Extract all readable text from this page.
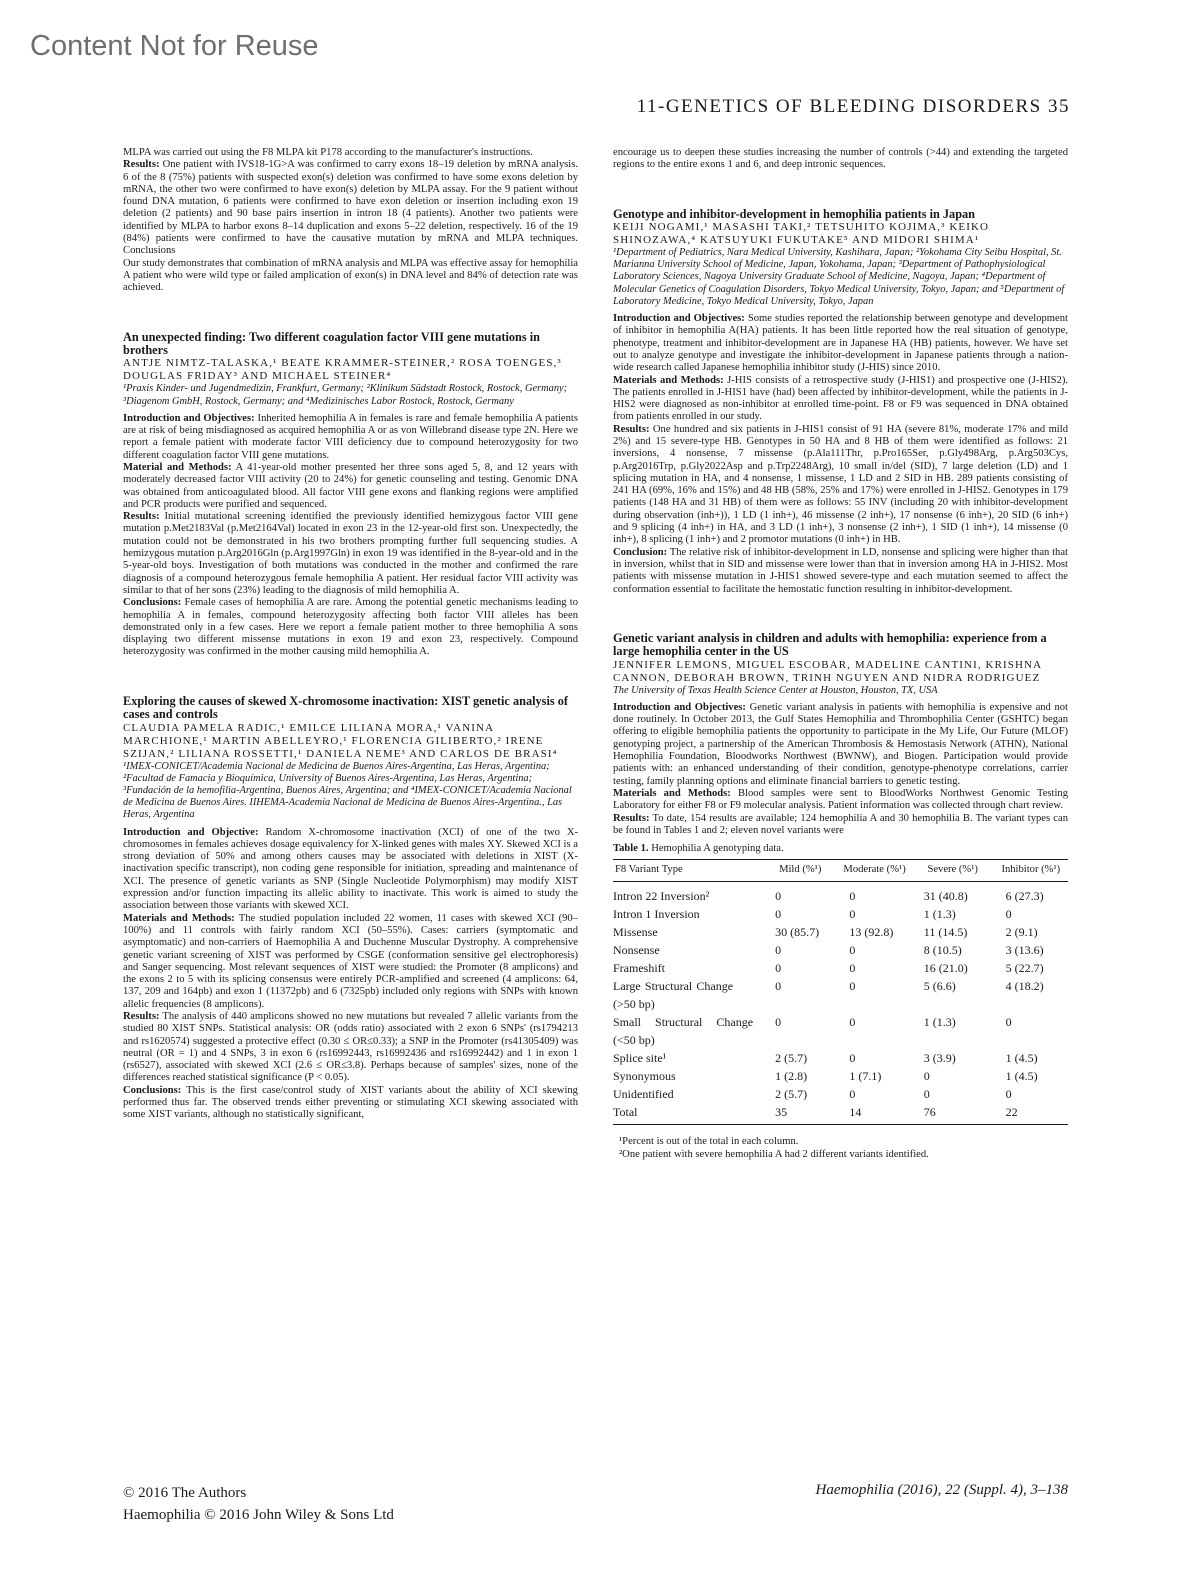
Content Not for Reuse
11-GENETICS OF BLEEDING DISORDERS 35

MLPA was carried out using the F8 MLPA kit P178 according to the manufacturer's instructions.

Results: One patient with IVS18-1G>A was confirmed to carry exons 18–19 deletion by mRNA analysis. 6 of the 8 (75%) patients with suspected exon(s) deletion was confirmed to have some exons deletion by mRNA, the other two were confirmed to have exon(s) deletion by MLPA assay. For the 9 patient without found DNA mutation, 6 patients were confirmed to have exon deletion or insertion including exon 19 deletion (2 patients) and 90 base pairs insertion in intron 18 (4 patients). Another two patients were identified by MLPA to harbor exons 8–14 duplication and exons 5–22 deletion, respectively. 16 of the 19 (84%) patients were confirmed to have the causative mutation by mRNA and MLPA techniques. Conclusions

Our study demonstrates that combination of mRNA analysis and MLPA was effective assay for hemophilia A patient who were wild type or failed amplication of exon(s) in DNA level and 84% of detection rate was achieved.

An unexpected finding: Two different coagulation factor VIII gene mutations in brothers
ANTJE NIMTZ-TALASKA,¹ BEATE KRAMMER-STEINER,² ROSA TOENGES,³ DOUGLAS FRIDAY³ AND MICHAEL STEINER⁴
¹Praxis Kinder- und Jugendmedizin, Frankfurt, Germany; ²Klinikum Südstadt Rostock, Rostock, Germany; ³Diagenom GmbH, Rostock, Germany; and ⁴Medizinisches Labor Rostock, Rostock, Germany

Introduction and Objectives: Inherited hemophilia A in females is rare and female hemophilia A patients are at risk of being misdiagnosed as acquired hemophilia A or as von Willebrand disease type 2N. Here we report a female patient with moderate factor VIII deficiency due to compound heterozygosity for two different coagulation factor VIII gene mutations.

Material and Methods: A 41-year-old mother presented her three sons aged 5, 8, and 12 years with moderately decreased factor VIII activity (20 to 24%) for genetic counseling and testing. Genomic DNA was obtained from anticoagulated blood. All factor VIII gene exons and flanking regions were amplified and PCR products were purified and sequenced.

Results: Initial mutational screening identified the previously identified hemizygous factor VIII gene mutation p.Met2183Val (p.Met2164Val) located in exon 23 in the 12-year-old first son. Unexpectedly, the mutation could not be demonstrated in his two brothers prompting further full sequencing studies. A hemizygous mutation p.Arg2016Gln (p.Arg1997Gln) in exon 19 was identified in the 8-year-old and in the 5-year-old boys. Investigation of both mutations was conducted in the mother and confirmed the rare diagnosis of a compound heterozygous female hemophilia A patient. Her residual factor VIII activity was similar to that of her sons (23%) leading to the diagnosis of mild hemophilia A.

Conclusions: Female cases of hemophilia A are rare. Among the potential genetic mechanisms leading to hemophilia A in females, compound heterozygosity affecting both factor VIII alleles has been demonstrated only in a few cases. Here we report a female patient mother to three hemophilia A sons displaying two different missense mutations in exon 19 and exon 23, respectively. Compound heterozygosity was confirmed in the mother causing mild hemophilia A.

Exploring the causes of skewed X-chromosome inactivation: XIST genetic analysis of cases and controls
CLAUDIA PAMELA RADIC,¹ EMILCE LILIANA MORA,¹ VANINA MARCHIONE,¹ MARTIN ABELLEYRO,¹ FLORENCIA GILIBERTO,² IRENE SZIJAN,² LILIANA ROSSETTI,¹ DANIELA NEME³ AND CARLOS DE BRASI⁴
¹IMEX-CONICET/Academia Nacional de Medicina de Buenos Aires-Argentina, Las Heras, Argentina; ²Facultad de Famacia y Bioquímica, University of Buenos Aires-Argentina, Las Heras, Argentina; ³Fundación de la hemofilia-Argentina, Buenos Aires, Argentina; and ⁴IMEX-CONICET/Academia Nacional de Medicina de Buenos Aires. IIHEMA-Academia Nacional de Medicina de Buenos Aires-Argentina., Las Heras, Argentina

Introduction and Objective: Random X-chromosome inactivation (XCI) of one of the two X-chromosomes in females achieves dosage equivalency for X-linked genes with males XY. Skewed XCI is a strong deviation of 50% and among others causes may be associated with deletions in XIST (X-inactivation specific transcript), non coding gene responsible for initiation, spreading and maintenance of XCI. The presence of genetic variants as SNP (Single Nucleotide Polymorphism) may modify XIST expression and/or function impacting its allelic ability to inactivate. This work is aimed to study the association between those variants with skewed XCI.

Materials and Methods: The studied population included 22 women, 11 cases with skewed XCI (90–100%) and 11 controls with fairly random XCI (50–55%). Cases: carriers (symptomatic and asymptomatic) and non-carriers of Haemophilia A and Duchenne Muscular Dystrophy. A comprehensive genetic variant screening of XIST was performed by CSGE (conformation sensitive gel electrophoresis) and Sanger sequencing. Most relevant sequences of XIST were studied: the Promoter (8 amplicons) and the exons 2 to 5 with its splicing consensus were entirely PCR-amplified and screened (4 amplicons: 64, 137, 209 and 164pb) and exon 1 (11372pb) and 6 (7325pb) included only regions with SNPs with known allelic frequencies (8 amplicons).

Results: The analysis of 440 amplicons showed no new mutations but revealed 7 allelic variants from the studied 80 XIST SNPs. Statistical analysis: OR (odds ratio) associated with 2 exon 6 SNPs' (rs1794213 and rs1620574) suggested a protective effect (0.30 ≤ OR≤0.33); a SNP in the Promoter (rs41305409) was neutral (OR = 1) and 4 SNPs, 3 in exon 6 (rs16992443, rs16992436 and rs16992442) and 1 in exon 1 (rs6527), associated with skewed XCI (2.6 ≤ OR≤3.8). Perhaps because of samples' sizes, none of the differences reached statistical significance (P < 0.05).

Conclusions: This is the first case/control study of XIST variants about the ability of XCI skewing performed thus far. The observed trends either preventing or stimulating XCI skewing associated with some XIST variants, although no statistically significant,

encourage us to deepen these studies increasing the number of controls (>44) and extending the targeted regions to the entire exons 1 and 6, and deep intronic sequences.

Genotype and inhibitor-development in hemophilia patients in Japan
KEIJI NOGAMI,¹ MASASHI TAKI,² TETSUHITO KOJIMA,³ KEIKO SHINOZAWA,⁴ KATSUYUKI FUKUTAKE⁵ AND MIDORI SHIMA¹
¹Department of Pediatrics, Nara Medical University, Kashihara, Japan; ²Yokohama City Seibu Hospital, St. Marianna University School of Medicine, Japan, Yokohama, Japan; ³Department of Pathophysiological Laboratory Sciences, Nagoya University Graduate School of Medicine, Nagoya, Japan; ⁴Department of Molecular Genetics of Coagulation Disorders, Tokyo Medical University, Tokyo, Japan; and ⁵Department of Laboratory Medicine, Tokyo Medical University, Tokyo, Japan

Introduction and Objectives: Some studies reported the relationship between genotype and development of inhibitor in hemophilia A(HA) patients. It has been little reported how the real situation of genotype, phenotype, treatment and inhibitor-development are in Japanese HA (HB) patients, however. We have set out to analyze genotype and investigate the inhibitor-development in Japanese patients through a nation-wide research called Japanese hemophilia inhibitor study (J-HIS) since 2010.

Materials and Methods: J-HIS consists of a retrospective study (J-HIS1) and prospective one (J-HIS2). The patients enrolled in J-HIS1 have (had) been affected by inhibitor-development, while the patients in J-HIS2 were diagnosed as non-inhibitor at enrolled time-point. F8 or F9 was sequenced in DNA obtained from patients enrolled in our study.

Results: One hundred and six patients in J-HIS1 consist of 91 HA (severe 81%, moderate 17% and mild 2%) and 15 severe-type HB. Genotypes in 50 HA and 8 HB of them were identified as follows: 21 inversions, 4 nonsense, 7 missense (p.Ala111Thr, p.Pro165Ser, p.Gly498Arg, p.Arg503Cys, p.Arg2016Trp, p.Gly2022Asp and p.Trp2248Arg), 10 small in/del (SID), 7 large deletion (LD) and 1 splicing mutation in HA, and 4 nonsense, 1 missense, 1 LD and 2 SID in HB. 289 patients consisting of 241 HA (69%, 16% and 15%) and 48 HB (58%, 25% and 17%) were enrolled in J-HIS2. Genotypes in 179 patients (148 HA and 31 HB) of them were as follows: 55 INV (including 20 with inhibitor-development during observation (inh+)), 1 LD (1 inh+), 46 missense (2 inh+), 17 nonsense (6 inh+), 20 SID (6 inh+) and 9 splicing (4 inh+) in HA, and 3 LD (1 inh+), 3 nonsense (2 inh+), 1 SID (1 inh+), 14 missense (0 inh+), 8 splicing (1 inh+) and 2 promotor mutations (0 inh+) in HB.

Conclusion: The relative risk of inhibitor-development in LD, nonsense and splicing were higher than that in inversion, whilst that in SID and missense were lower than that in inversion among HA in J-HIS2. Most patients with missense mutation in J-HIS1 showed severe-type and each mutation seemed to affect the conformation essential to facilitate the hemostatic function resulting in inhibitor-development.

Genetic variant analysis in children and adults with hemophilia: experience from a large hemophilia center in the US
JENNIFER LEMONS, MIGUEL ESCOBAR, MADELINE CANTINI, KRISHNA CANNON, DEBORAH BROWN, TRINH NGUYEN AND NIDRA RODRIGUEZ
The University of Texas Health Science Center at Houston, Houston, TX, USA

Introduction and Objectives: Genetic variant analysis in patients with hemophilia is expensive and not done routinely. In October 2013, the Gulf States Hemophilia and Thrombophilia Center (GSHTC) began offering to eligible hemophilia patients the opportunity to participate in the My Life, Our Future (MLOF) genotyping project, a partnership of the American Thrombosis & Hemostasis Network (ATHN), National Hemophilia Foundation, Bloodworks Northwest (BWNW), and Biogen. Participation would provide patients with: an enhanced understanding of their condition, genotype-phenotype correlations, carrier testing, family planning options and eliminate financial barriers to genetic testing.

Materials and Methods: Blood samples were sent to BloodWorks Northwest Genomic Testing Laboratory for either F8 or F9 molecular analysis. Patient information was collected through chart review.

Results: To date, 154 results are available; 124 hemophilia A and 30 hemophilia B. The variant types can be found in Tables 1 and 2; eleven novel variants were

Table 1. Hemophilia A genotyping data.
F8 Variant Type	Mild (%¹)	Moderate (%¹)	Severe (%¹)	Inhibitor (%¹)
Intron 22 Inversion²	0	0	31 (40.8)	6 (27.3)
Intron 1 Inversion	0	0	1 (1.3)	0
Missense	30 (85.7)	13 (92.8)	11 (14.5)	2 (9.1)
Nonsense	0	0	8 (10.5)	3 (13.6)
Frameshift	0	0	16 (21.0)	5 (22.7)
Large Structural Change (>50 bp)	0	0	5 (6.6)	4 (18.2)
Small Structural Change (<50 bp)	0	0	1 (1.3)	0
Splice site¹	2 (5.7)	0	3 (3.9)	1 (4.5)
Synonymous	1 (2.8)	1 (7.1)	0	1 (4.5)
Unidentified	2 (5.7)	0	0	0
Total	35	14	76	22
¹Percent is out of the total in each column.
²One patient with severe hemophilia A had 2 different variants identified.
© 2016 The Authors
Haemophilia © 2016 John Wiley & Sons Ltd
Haemophilia (2016), 22 (Suppl. 4), 3–138
